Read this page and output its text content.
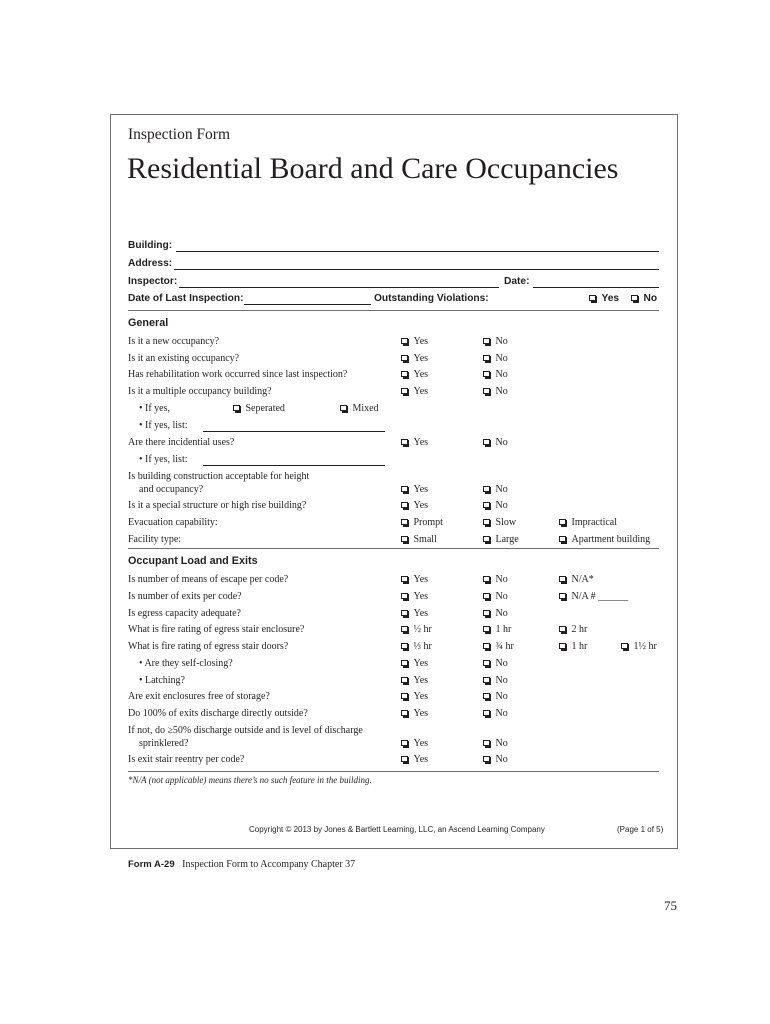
Inspection Form
Residential Board and Care Occupancies
Building:
Address:
Inspector:	Date:
Date of Last Inspection:	Outstanding Violations:	Yes	No
General
Is it a new occupancy?	Yes	No
Is it an existing occupancy?	Yes	No
Has rehabilitation work occurred since last inspection?	Yes	No
Is it a multiple occupancy building?	Yes	No
• If yes,	Seperated	Mixed
• If yes, list:
Are there incidential uses?	Yes	No
• If yes, list:
Is building construction acceptable for height
and occupancy?	Yes	No
Is it a special structure or high rise building?	Yes	No
Evacuation capability:	Prompt	Slow	Impractical
Facility type:	Small	Large	Apartment building
Occupant Load and Exits
Is number of means of escape per code?	Yes	No	N/A*
Is number of exits per code?	Yes	No	N/A # ______
Is egress capacity adequate?	Yes	No
What is fire rating of egress stair enclosure?	½ hr	1 hr	2 hr
What is fire rating of egress stair doors?	⅓ hr	¾ hr	1 hr	1½ hr
• Are they self-closing?	Yes	No
• Latching?	Yes	No
Are exit enclosures free of storage?	Yes	No
Do 100% of exits discharge directly outside?	Yes	No
If not, do ≥50% discharge outside and is level of discharge
sprinklered?	Yes	No
Is exit stair reentry per code?	Yes	No
*N/A (not applicable) means there’s no such feature in the building.
Copyright © 2013 by Jones & Bartlett Learning, LLC, an Ascend Learning Company	(Page 1 of 5)
Form A-29 Inspection Form to Accompany Chapter 37
75
